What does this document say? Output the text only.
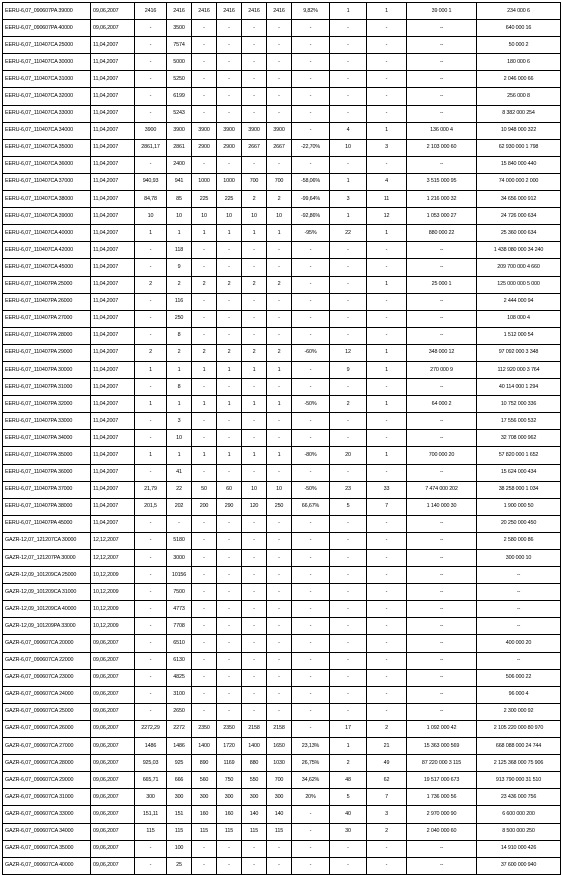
EERU-6,07_090607PA 39000	09,06,2007	2416	2416	2416	2416	2416	2416	9,82%	1	1	39 000 1	234 000 6
EERU-6,07_090607PA 40000	09,06,2007	-	3500	-	-	-	-	-	-	-	--	640 000 16
EERU-6,07_110407CA 25000	11,04,2007	-	7574	-	-	-	-	-	-	-	--	50 000 2
EERU-6,07_110407CA 30000	11,04,2007	-	5000	-	-	-	-	-	-	-	--	180 000 6
EERU-6,07_110407CA 31000	11,04,2007	-	5250	-	-	-	-	-	-	-	--	2 046 000 66
EERU-6,07_110407CA 32000	11,04,2007	-	6199	-	-	-	-	-	-	-	--	256 000 8
EERU-6,07_110407CA 33000	11,04,2007	-	5243	-	-	-	-	-	-	-	--	8 382 000 254
EERU-6,07_110407CA 34000	11,04,2007	3900	3900	3900	3900	3900	3900	-	4	1	136 000 4	10 948 000 322
EERU-6,07_110407CA 35000	11,04,2007	2861,17	2861	2900	2900	2667	2667	-22,70%	10	3	2 103 000 60	62 930 000 1 798
EERU-6,07_110407CA 36000	11,04,2007	-	2400	-	-	-	-	-	-	-	--	15 840 000 440
EERU-6,07_110407CA 37000	11,04,2007	940,93	941	1000	1000	700	700	-58,06%	1	4	3 515 000 95	74 000 000 2 000
EERU-6,07_110407CA 38000	11,04,2007	84,78	85	225	225	2	2	-99,64%	3	11	1 216 000 32	34 656 000 912
EERU-6,07_110407CA 39000	11,04,2007	10	10	10	10	10	10	-92,86%	1	12	1 053 000 27	24 726 000 634
EERU-6,07_110407CA 40000	11,04,2007	1	1	1	1	1	1	-95%	22	1	880 000 22	25 360 000 634
EERU-6,07_110407CA 42000	11,04,2007	-	118	-	-	-	-	-	-	-	--	1 438 080 000 34 240
EERU-6,07_110407CA 45000	11,04,2007	-	9	-	-	-	-	-	-	-	--	209 700 000 4 660
EERU-6,07_110407PA 25000	11,04,2007	2	2	2	2	2	2	-	-	1	25 000 1	125 000 000 5 000
EERU-6,07_110407PA 26000	11,04,2007	-	116	-	-	-	-	-	-	-	--	2 444 000 94
EERU-6,07_110407PA 27000	11,04,2007	-	250	-	-	-	-	-	-	-	--	108 000 4
EERU-6,07_110407PA 28000	11,04,2007	-	8	-	-	-	-	-	-	-	--	1 512 000 54
EERU-6,07_110407PA 29000	11,04,2007	2	2	2	2	2	2	-60%	12	1	348 000 12	97 092 000 3 348
EERU-6,07_110407PA 30000	11,04,2007	1	1	1	1	1	1	-	9	1	270 000 9	112 920 000 3 764
EERU-6,07_110407PA 31000	11,04,2007	-	8	-	-	-	-	-	-	-	--	40 114 000 1 294
EERU-6,07_110407PA 32000	11,04,2007	1	1	1	1	1	1	-50%	2	1	64 000 2	10 752 000 336
EERU-6,07_110407PA 33000	11,04,2007	-	3	-	-	-	-	-	-	-	--	17 556 000 532
EERU-6,07_110407PA 34000	11,04,2007	-	10	-	-	-	-	-	-	-	--	32 708 000 962
EERU-6,07_110407PA 35000	11,04,2007	1	1	1	1	1	1	-80%	20	1	700 000 20	57 820 000 1 652
EERU-6,07_110407PA 36000	11,04,2007	-	41	-	-	-	-	-	-	-	--	15 624 000 434
EERU-6,07_110407PA 37000	11,04,2007	21,79	22	50	60	10	10	-50%	23	33	7 474 000 202	38 258 000 1 034
EERU-6,07_110407PA 38000	11,04,2007	201,5	202	200	290	120	250	66,67%	5	7	1 140 000 30	1 900 000 50
EERU-6,07_110407PA 45000	11,04,2007	-	-	-	-	-	-	-	-	-	--	20 250 000 450
GAZR-12,07_121207CA 30000	12,12,2007	-	5180	-	-	-	-	-	-	-	--	2 580 000 86
GAZR-12,07_121207PA 30000	12,12,2007	-	3000	-	-	-	-	-	-	-	--	300 000 10
GAZR-12,09_101209CA 25000	10,12,2009	-	10156	-	-	-	-	-	-	-	--	--
GAZR-12,09_101209CA 31000	10,12,2009	-	7500	-	-	-	-	-	-	-	--	--
GAZR-12,09_101209CA 40000	10,12,2009	-	4773	-	-	-	-	-	-	-	--	--
GAZR-12,09_101209PA 33000	10,12,2009	-	7708	-	-	-	-	-	-	-	--	--
GAZR-6,07_090607CA 20000	09,06,2007	-	6510	-	-	-	-	-	-	-	--	400 000 20
GAZR-6,07_090607CA 22000	09,06,2007	-	6130	-	-	-	-	-	-	-	--	--
GAZR-6,07_090607CA 23000	09,06,2007	-	4825	-	-	-	-	-	-	-	--	506 000 22
GAZR-6,07_090607CA 24000	09,06,2007	-	3100	-	-	-	-	-	-	-	--	96 000 4
GAZR-6,07_090607CA 25000	09,06,2007	-	2650	-	-	-	-	-	-	-	--	2 300 000 92
GAZR-6,07_090607CA 26000	09,06,2007	2272,29	2272	2350	2350	2158	2158	-	17	2	1 092 000 42	2 105 220 000 80 970
GAZR-6,07_090607CA 27000	09,06,2007	1486	1486	1400	1720	1400	1650	23,13%	1	21	15 363 000 569	668 088 000 24 744
GAZR-6,07_090607CA 28000	09,06,2007	925,03	925	890	1169	880	1030	26,75%	2	49	87 220 000 3 115	2 125 368 000 75 906
GAZR-6,07_090607CA 29000	09,06,2007	665,71	666	560	750	550	700	34,62%	48	62	19 517 000 673	913 790 000 31 510
GAZR-6,07_090607CA 31000	09,06,2007	300	300	300	300	300	300	20%	5	7	1 736 000 56	23 436 000 756
GAZR-6,07_090607CA 33000	09,06,2007	151,11	151	160	160	140	140	-	40	3	2 970 000 90	6 600 000 200
GAZR-6,07_090607CA 34000	09,06,2007	115	115	115	115	115	115	-	30	2	2 040 000 60	8 500 000 250
GAZR-6,07_090607CA 35000	09,06,2007	-	100	-	-	-	-	-	-	-	--	14 910 000 426
GAZR-6,07_090607CA 40000	09,06,2007	-	25	-	-	-	-	-	-	-	--	37 600 000 940
